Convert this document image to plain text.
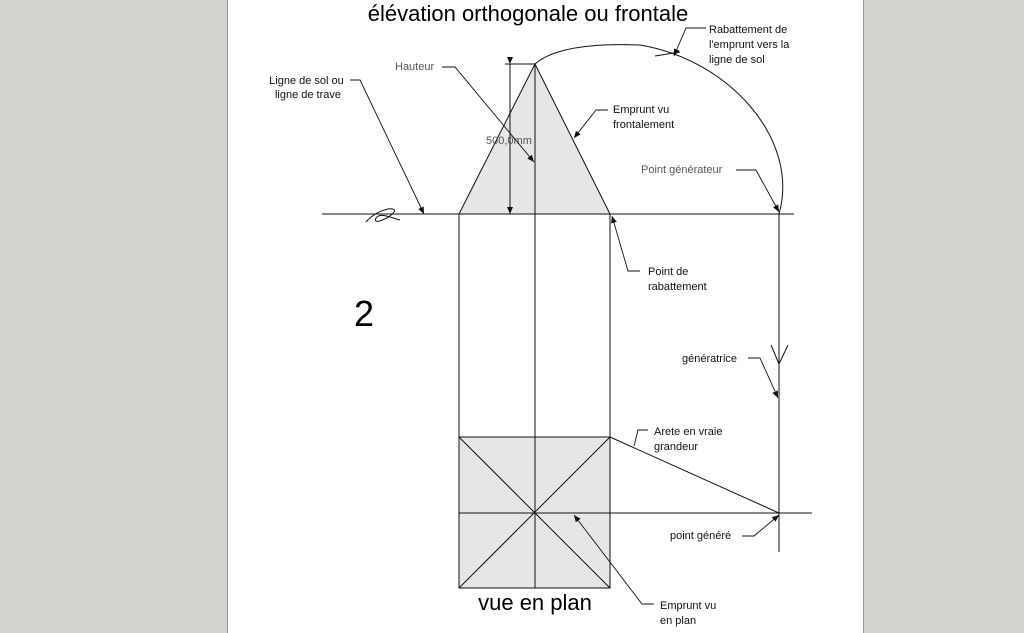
élévation orthogonale ou frontale
500,0mm
2
vue en plan
Ligne de sol ou ligne de trave
Hauteur
Rabattement de l'emprunt vers la ligne de sol
Emprunt vu frontalement
Point générateur
Point de rabattement
génératrice
Arete en vraie grandeur
point généré
Emprunt vu en plan
